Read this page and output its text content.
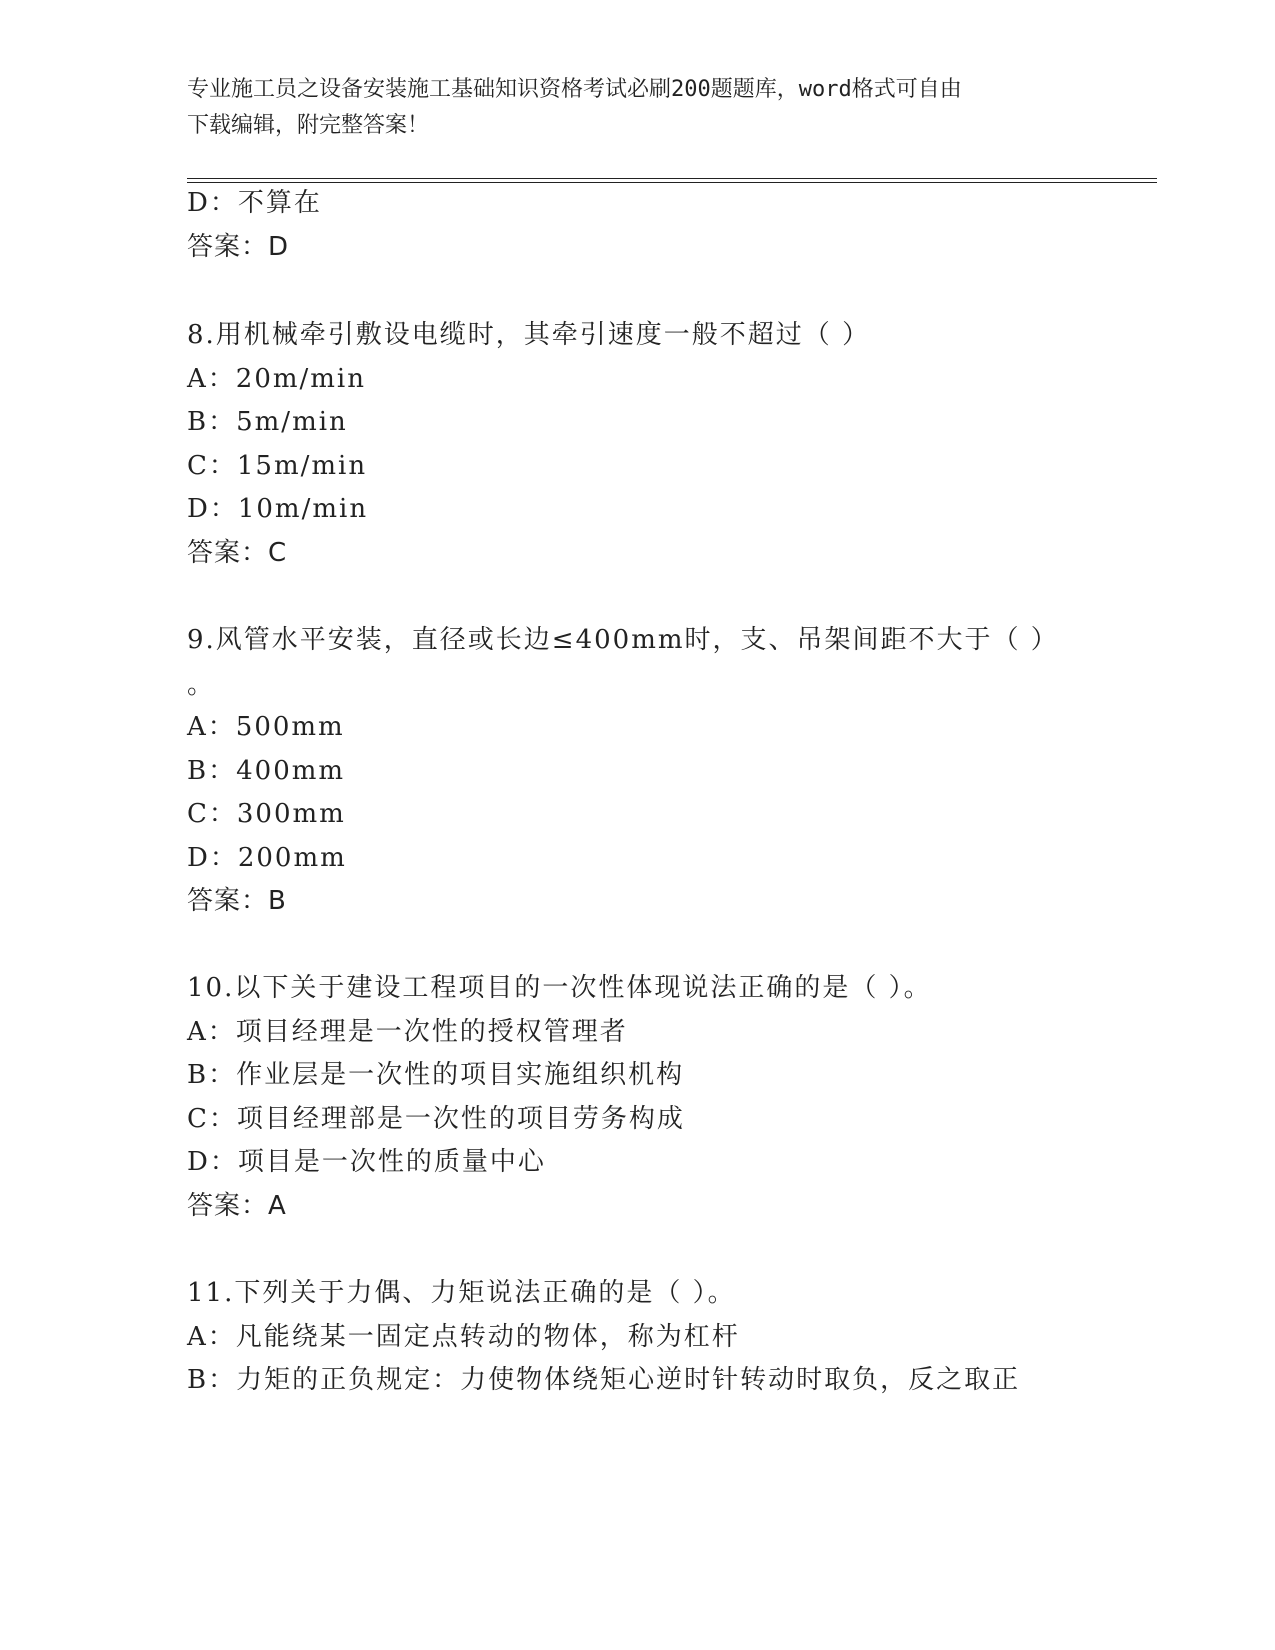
专业施工员之设备安装施工基础知识资格考试必刷200题题库，word格式可自由
下载编辑，附完整答案！
D：不算在
答案：D
8.用机械牵引敷设电缆时，其牵引速度一般不超过（ ）
A：20m/min
B：5m/min
C：15m/min
D：10m/min
答案：C
9.风管水平安装，直径或长边≤400mm时，支、吊架间距不大于（ ）
。
A：500mm
B：400mm
C：300mm
D：200mm
答案：B
10.以下关于建设工程项目的一次性体现说法正确的是（ ）。
A：项目经理是一次性的授权管理者
B：作业层是一次性的项目实施组织机构
C：项目经理部是一次性的项目劳务构成
D：项目是一次性的质量中心
答案：A
11.下列关于力偶、力矩说法正确的是（ ）。
A：凡能绕某一固定点转动的物体，称为杠杆
B：力矩的正负规定：力使物体绕矩心逆时针转动时取负，反之取正
